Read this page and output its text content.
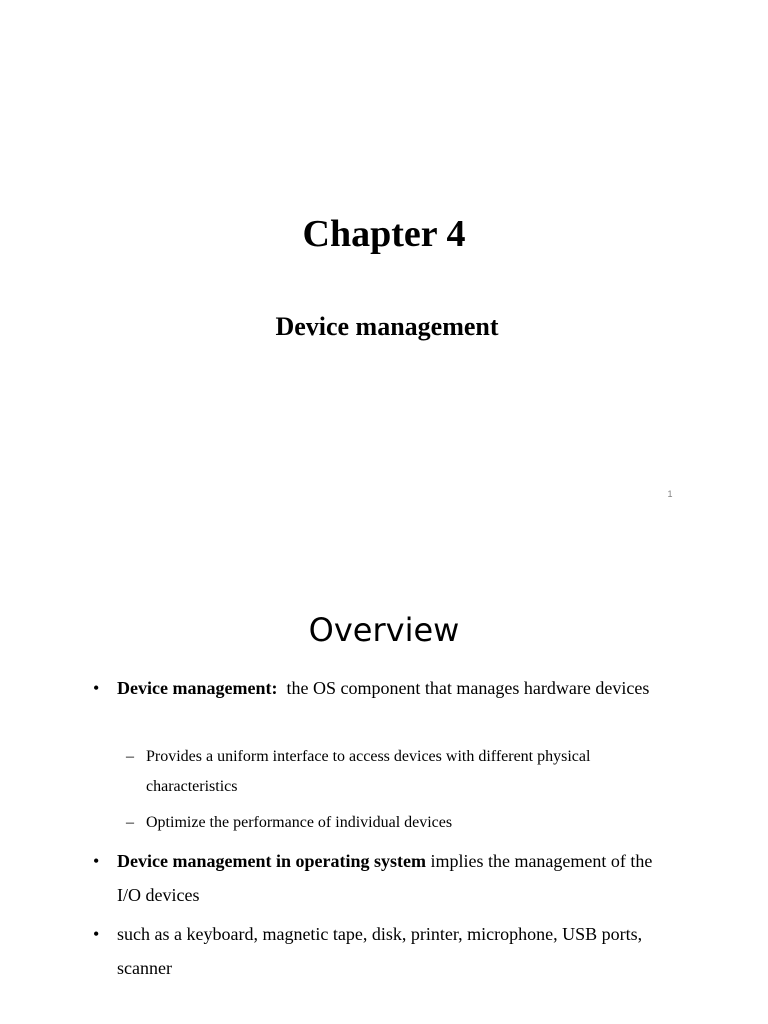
Chapter 4
Device management
1
Overview
• Device management:  the OS component that manages hardware devices
– Provides a uniform interface to access devices with different physical characteristics
– Optimize the performance of individual devices
• Device management in operating system implies the management of the I/O devices
• such as a keyboard, magnetic tape, disk, printer, microphone, USB ports, scanner
